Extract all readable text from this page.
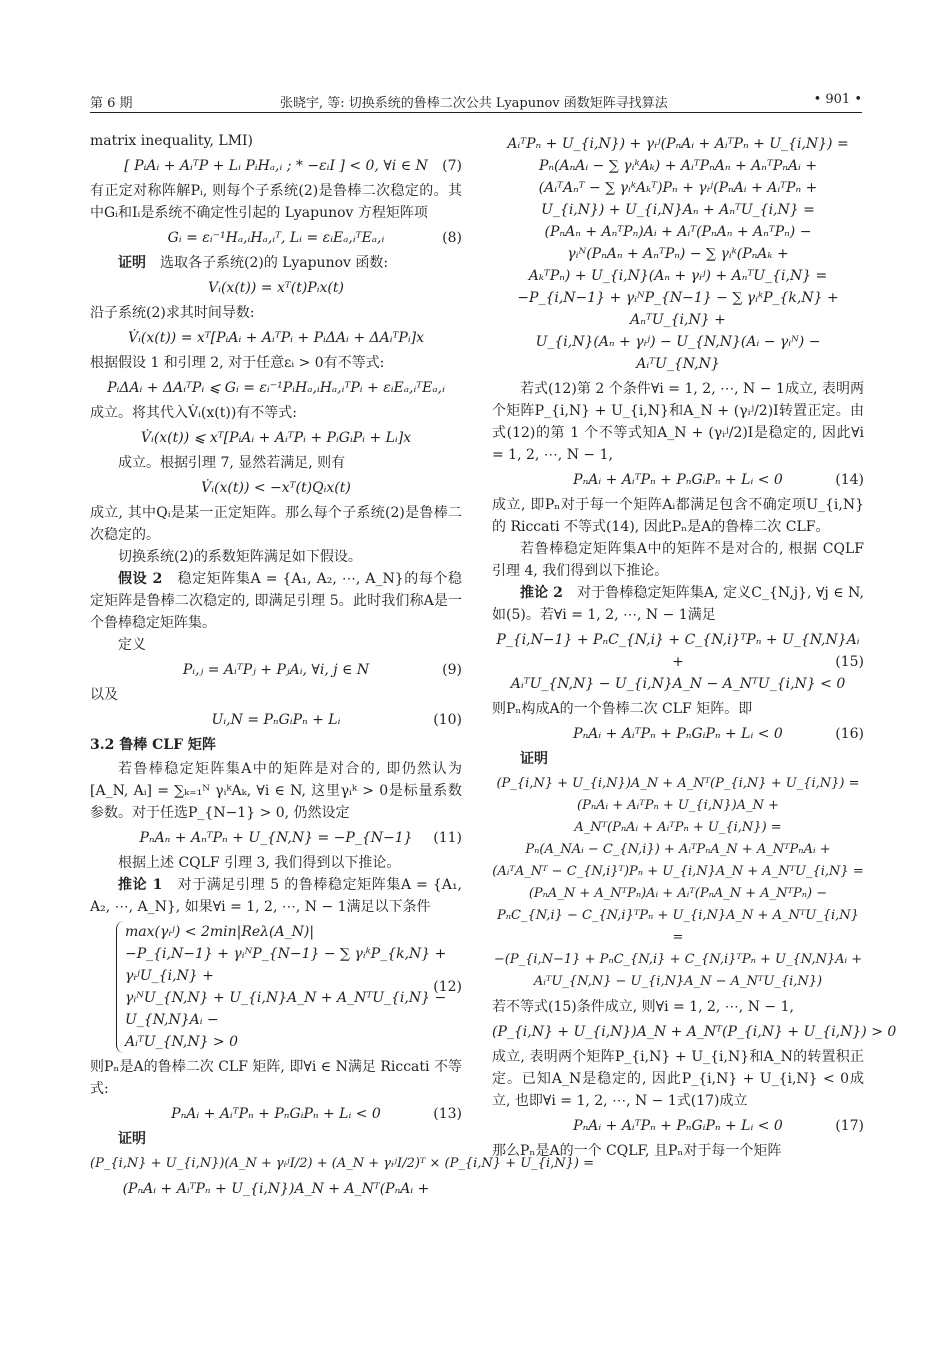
第 6 期	张晓宇, 等: 切换系统的鲁棒二次公共 Lyapunov 函数矩阵寻找算法	• 901 •

matrix inequality, LMI)

[ PᵢAᵢ + AᵢᵀP + Lᵢ PᵢHₐ,ᵢ ; * −εᵢI ] < 0, ∀i ∈ N (7)

有正定对称阵解Pᵢ, 则每个子系统(2)是鲁棒二次稳定的。其中Gᵢ和Iᵢ是系统不确定性引起的 Lyapunov 方程矩阵项

Gᵢ = εᵢ⁻¹Hₐ,ᵢHₐ,ᵢᵀ, Lᵢ = εᵢEₐ,ᵢᵀEₐ,ᵢ	(8)

证明　 选取各子系统(2)的 Lyapunov 函数:

Vᵢ(x(t)) = xᵀ(t)Pᵢx(t)

沿子系统(2)求其时间导数:

V̇ᵢ(x(t)) = xᵀ[PᵢAᵢ + AᵢᵀPᵢ + PᵢΔAᵢ + ΔAᵢᵀPᵢ]x

根据假设 1 和引理 2, 对于任意εᵢ > 0有不等式:

PᵢΔAᵢ + ΔAᵢᵀPᵢ ⩽ Gᵢ = εᵢ⁻¹PᵢHₐ,ᵢHₐ,ᵢᵀPᵢ + εᵢEₐ,ᵢᵀEₐ,ᵢ

成立。将其代入V̇ᵢ(x(t))有不等式:

V̇ᵢ(x(t)) ⩽ xᵀ[PᵢAᵢ + AᵢᵀPᵢ + PᵢGᵢPᵢ + Lᵢ]x

成立。根据引理 7, 显然若满足, 则有

V̇ᵢ(x(t)) < −xᵀ(t)Qᵢx(t)

成立, 其中Qᵢ是某一正定矩阵。那么每个子系统(2)是鲁棒二次稳定的。

切换系统(2)的系数矩阵满足如下假设。

假设 2　 稳定矩阵集A = {A₁, A₂, ⋯, A_N}的每个稳定矩阵是鲁棒二次稳定的, 即满足引理 5。此时我们称A是一个鲁棒稳定矩阵集。

定义

Pᵢ,ⱼ = AᵢᵀPⱼ + PⱼAᵢ, ∀i, j ∈ N	(9)

以及

Uᵢ,N = PₙGᵢPₙ + Lᵢ	(10)

3.2 鲁棒 CLF 矩阵

若鲁棒稳定矩阵集A中的矩阵是对合的, 即仍然认为[A_N, Aᵢ] = ∑ₖ₌₁ᴺ γᵢᵏAₖ, ∀i ∈ N, 这里γᵢᵏ > 0是标量系数参数。对于任选P_{N−1} > 0, 仍然设定

PₙAₙ + AₙᵀPₙ + U_{N,N} = −P_{N−1} (11)

根据上述 CQLF 引理 3, 我们得到以下推论。

推论 1　 对于满足引理 5 的鲁棒稳定矩阵集A = {A₁, A₂, ⋯, A_N}, 如果∀i = 1, 2, ⋯, N − 1满足以下条件

max(γᵢʲ) < 2min|Reλ(A_N)|
−P_{i,N−1} + γᵢᴺP_{N−1} − ∑ γᵢᵏP_{k,N} + γᵢʲU_{i,N} +
γᵢᴺU_{N,N} + U_{i,N}A_N + A_NᵀU_{i,N} − U_{N,N}Aᵢ −
AᵢᵀU_{N,N} > 0
(12)

则Pₙ是A的鲁棒二次 CLF 矩阵, 即∀i ∈ N满足 Riccati 不等式:

PₙAᵢ + AᵢᵀPₙ + PₙGᵢPₙ + Lᵢ < 0	(13)

证明

(P_{i,N} + U_{i,N})(A_N + γᵢʲI/2) + (A_N + γᵢʲI/2)ᵀ × (P_{i,N} + U_{i,N}) =
(PₙAᵢ + AᵢᵀPₙ + U_{i,N})A_N + A_Nᵀ(PₙAᵢ +
AᵢᵀPₙ + U_{i,N}) + γᵢʲ(PₙAᵢ + AᵢᵀPₙ + U_{i,N}) =
Pₙ(AₙAᵢ − ∑ γᵢᵏAₖ) + AᵢᵀPₙAₙ + AₙᵀPₙAᵢ +
(AᵢᵀAₙᵀ − ∑ γᵢᵏAₖᵀ)Pₙ + γᵢʲ(PₙAᵢ + AᵢᵀPₙ +
U_{i,N}) + U_{i,N}Aₙ + AₙᵀU_{i,N} =
(PₙAₙ + AₙᵀPₙ)Aᵢ + Aᵢᵀ(PₙAₙ + AₙᵀPₙ) −
γᵢᴺ(PₙAₙ + AₙᵀPₙ) − ∑ γᵢᵏ(PₙAₖ +
AₖᵀPₙ) + U_{i,N}(Aₙ + γᵢʲ) + AₙᵀU_{i,N} =
−P_{i,N−1} + γᵢᴺP_{N−1} − ∑ γᵢᵏP_{k,N} + AₙᵀU_{i,N} +
U_{i,N}(Aₙ + γᵢʲ) − U_{N,N}(Aᵢ − γᵢᴺ) − AᵢᵀU_{N,N}

若式(12)第 2 个条件∀i = 1, 2, ⋯, N − 1成立, 表明两个矩阵P_{i,N} + U_{i,N}和A_N + (γᵢʲ/2)I转置正定。由式(12)的第 1 个不等式知A_N + (γᵢʲ/2)I是稳定的, 因此∀i = 1, 2, ⋯, N − 1,

PₙAᵢ + AᵢᵀPₙ + PₙGᵢPₙ + Lᵢ < 0	(14)

成立, 即Pₙ对于每一个矩阵Aᵢ都满足包含不确定项U_{i,N}的 Riccati 不等式(14), 因此Pₙ是A的鲁棒二次 CLF。

若鲁棒稳定矩阵集A中的矩阵不是对合的, 根据 CQLF 引理 4, 我们得到以下推论。

推论 2　 对于鲁棒稳定矩阵集A, 定义C_{N,j}, ∀j ∈ N, 如(5)。若∀i = 1, 2, ⋯, N − 1满足

P_{i,N−1} + PₙC_{N,i} + C_{N,i}ᵀPₙ + U_{N,N}Aᵢ +
AᵢᵀU_{N,N} − U_{i,N}A_N − A_NᵀU_{i,N} < 0
(15)

则Pₙ构成A的一个鲁棒二次 CLF 矩阵。即

PₙAᵢ + AᵢᵀPₙ + PₙGᵢPₙ + Lᵢ < 0	(16)

证明

(P_{i,N} + U_{i,N})A_N + A_Nᵀ(P_{i,N} + U_{i,N}) =
(PₙAᵢ + AᵢᵀPₙ + U_{i,N})A_N +
A_Nᵀ(PₙAᵢ + AᵢᵀPₙ + U_{i,N}) =
Pₙ(A_NAᵢ − C_{N,i}) + AᵢᵀPₙA_N + A_NᵀPₙAᵢ +
(AᵢᵀA_Nᵀ − C_{N,i}ᵀ)Pₙ + U_{i,N}A_N + A_NᵀU_{i,N} =
(PₙA_N + A_NᵀPₙ)Aᵢ + Aᵢᵀ(PₙA_N + A_NᵀPₙ) −
PₙC_{N,i} − C_{N,i}ᵀPₙ + U_{i,N}A_N + A_NᵀU_{i,N} =
−(P_{i,N−1} + PₙC_{N,i} + C_{N,i}ᵀPₙ + U_{N,N}Aᵢ +
AᵢᵀU_{N,N} − U_{i,N}A_N − A_NᵀU_{i,N})

若不等式(15)条件成立, 则∀i = 1, 2, ⋯, N − 1,

(P_{i,N} + U_{i,N})A_N + A_Nᵀ(P_{i,N} + U_{i,N}) > 0

成立, 表明两个矩阵P_{i,N} + U_{i,N}和A_N的转置积正定。已知A_N是稳定的, 因此P_{i,N} + U_{i,N} < 0成立, 也即∀i = 1, 2, ⋯, N − 1式(17)成立

PₙAᵢ + AᵢᵀPₙ + PₙGᵢPₙ + Lᵢ < 0	(17)

那么Pₙ是A的一个 CQLF, 且Pₙ对于每一个矩阵
